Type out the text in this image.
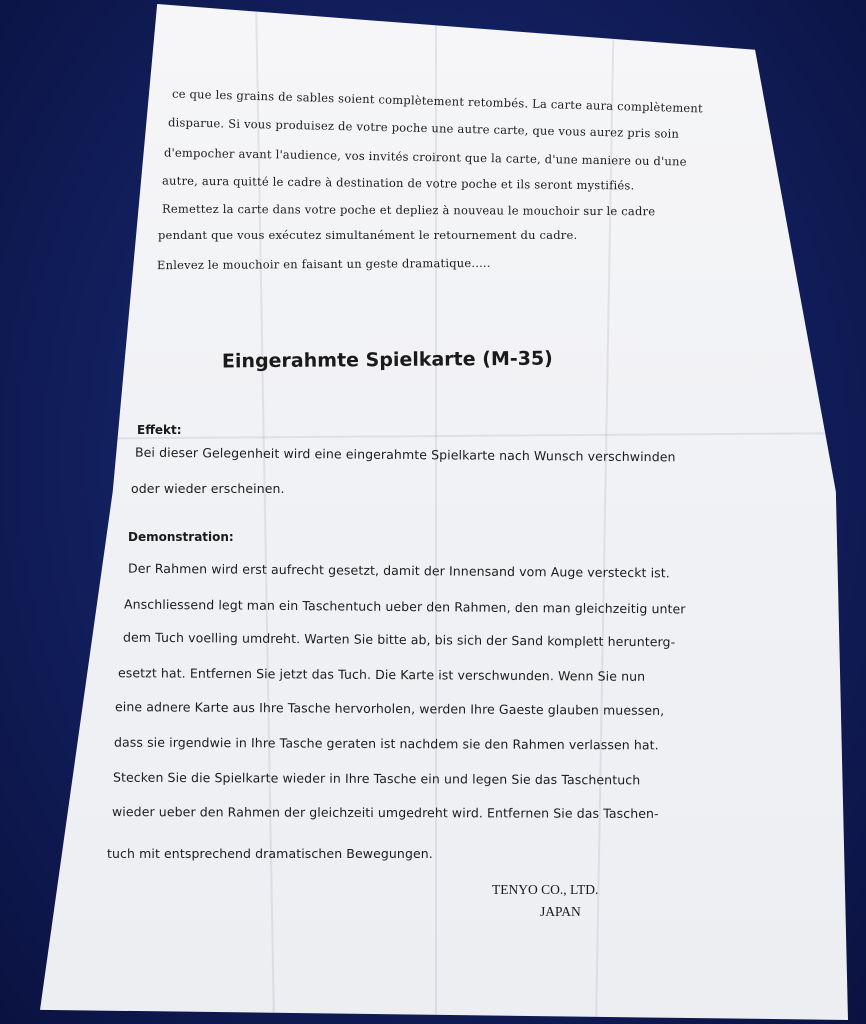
ce que les grains de sables soient complètement retombés. La carte aura complètement
disparue. Si vous produisez de votre poche une autre carte, que vous aurez pris soin
d'empocher avant l'audience, vos invités croiront que la carte, d'une maniere ou d'une
autre, aura quitté le cadre à destination de votre poche et ils seront mystifiés.
Remettez la carte dans votre poche et depliez à nouveau le mouchoir sur le cadre
pendant que vous exécutez simultanément le retournement du cadre.
Enlevez le mouchoir en faisant un geste dramatique.....
Eingerahmte Spielkarte (M-35)
Effekt:
Bei dieser Gelegenheit wird eine eingerahmte Spielkarte nach Wunsch verschwinden
oder wieder erscheinen.
Demonstration:
Der Rahmen wird erst aufrecht gesetzt, damit der Innensand vom Auge versteckt ist.
Anschliessend legt man ein Taschentuch ueber den Rahmen, den man gleichzeitig unter
dem Tuch voelling umdreht. Warten Sie bitte ab, bis sich der Sand komplett herunterg-
esetzt hat. Entfernen Sie jetzt das Tuch. Die Karte ist verschwunden. Wenn Sie nun
eine adnere Karte aus Ihre Tasche hervorholen, werden Ihre Gaeste glauben muessen,
dass sie irgendwie in Ihre Tasche geraten ist nachdem sie den Rahmen verlassen hat.
Stecken Sie die Spielkarte wieder in Ihre Tasche ein und legen Sie das Taschentuch
wieder ueber den Rahmen der gleichzeiti umgedreht wird. Entfernen Sie das Taschen-
tuch mit entsprechend dramatischen Bewegungen.
TENYO CO., LTD.
JAPAN
